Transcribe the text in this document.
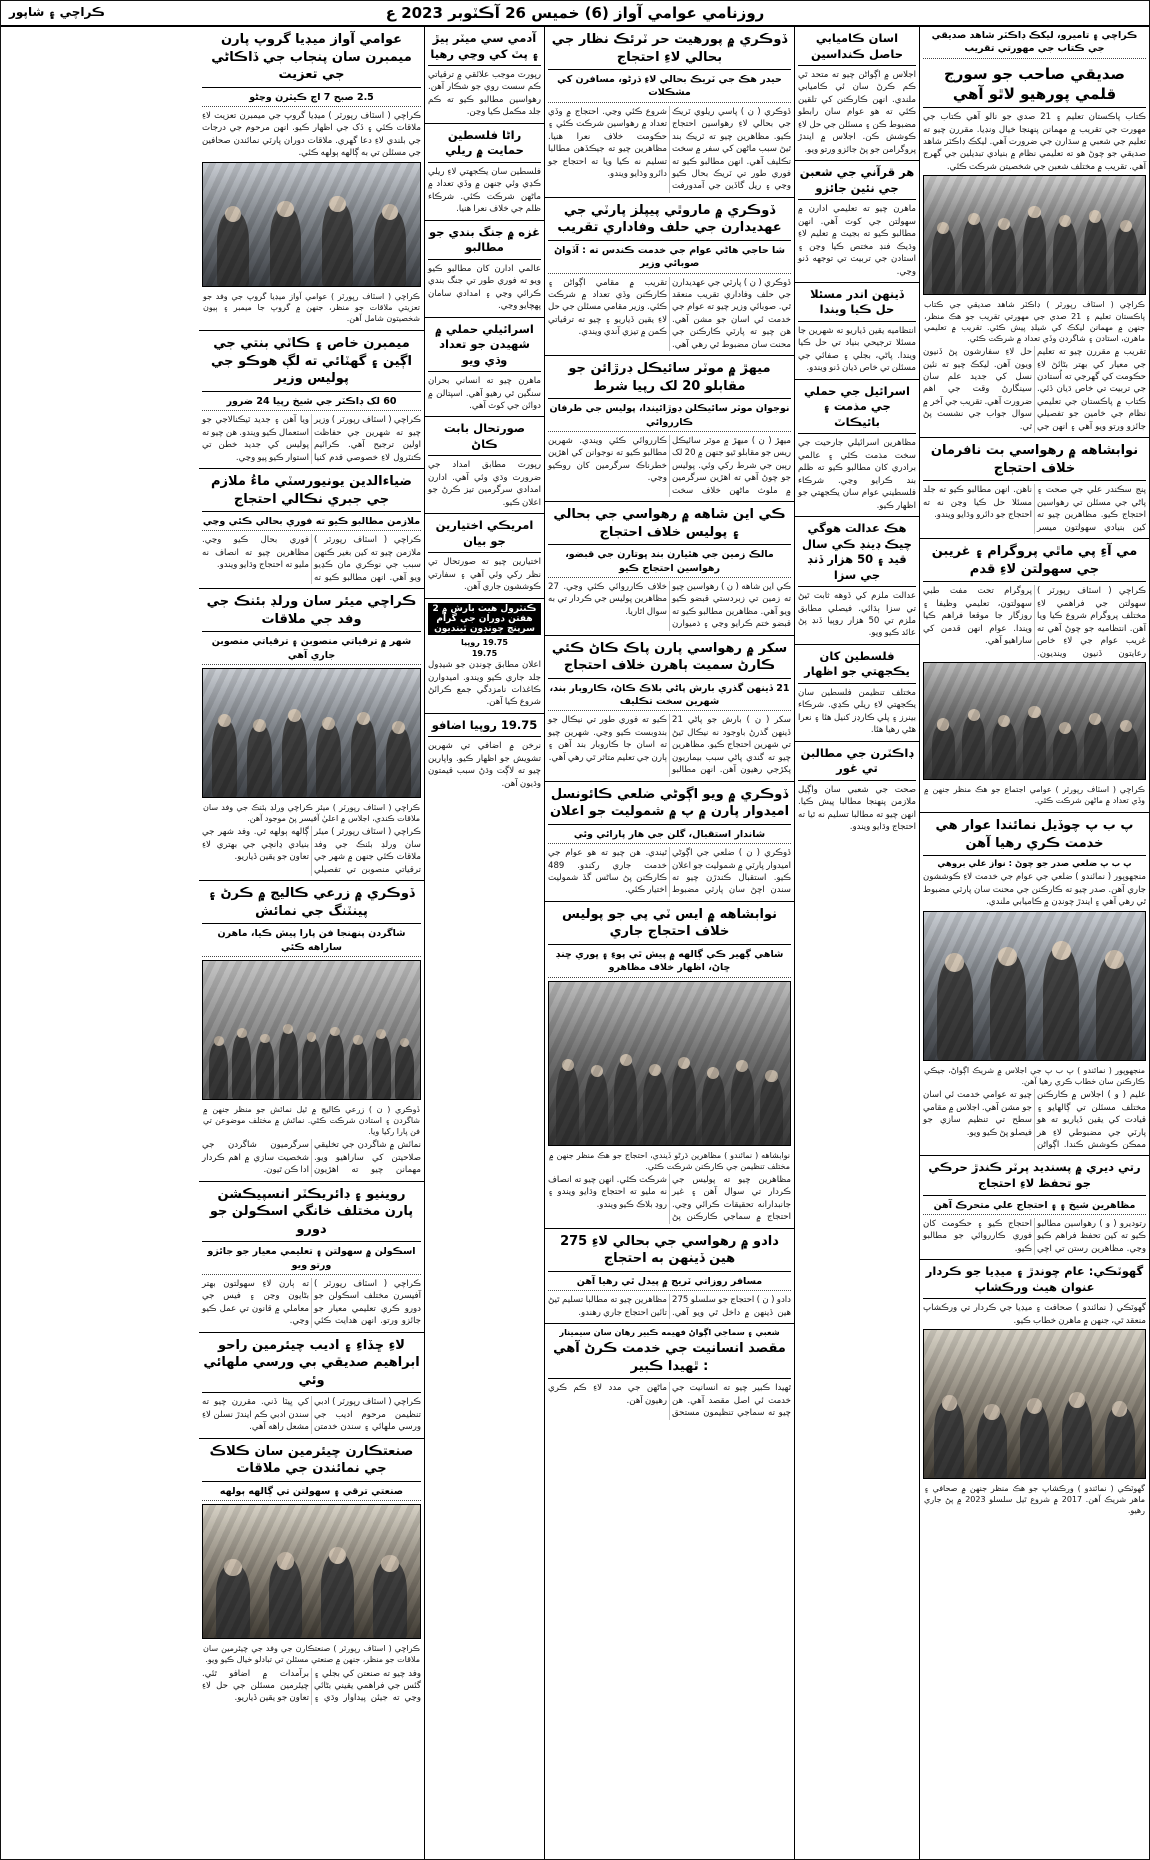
ڪراچي ۽ شاپور	روزنامي عوامي آواز (6) خميس 26 آڪٽوبر 2023 ع
ڪراچي ۽ تاميرو، ليکڪ ڊاڪٽر شاهد صديقي جي ڪتاب جي مهورتي تقريب
صديقي صاحب جو سورج قلمي پورهيو لاٿو آهي
ڪتاب پاڪستان تعليم ۽ 21 صدي جو نالو آهي ڪتاب جي مهورت جي تقريب ۾ مهمانن پنهنجا خيال ونڊيا. مقررن چيو ته تعليم جي شعبي ۾ سڌارن جي ضرورت آهي. ليکڪ ڊاڪٽر شاهد صديقي جو چوڻ هو ته تعليمي نظام ۾ بنيادي تبديلين جي گهرج آهي. تقريب ۾ مختلف شعبن جي شخصيتن شرڪت ڪئي.
ڪراچي ( اسٽاف رپورٽر ) ڊاڪٽر شاهد صديقي جي ڪتاب پاڪستان تعليم ۽ 21 صدي جي مهورتي تقريب جو هڪ منظر، جنهن ۾ مهمانن ليکڪ کي شيلڊ پيش ڪئي. تقريب ۾ تعليمي ماهرن، استادن ۽ شاگردن وڏي تعداد ۾ شرڪت ڪئي.
تقريب ۾ مقررن چيو ته تعليم جي معيار کي بهتر بڻائڻ لاءِ حڪومت کي گهرجي ته اُستادن جي تربيت تي خاص ڌيان ڏئي. ڪتاب ۾ پاڪستان جي تعليمي نظام جي خامين جو تفصيلي جائزو ورتو ويو آهي ۽ انهن جي حل لاءِ سفارشون پڻ ڏنيون ويون آهن. ليکڪ چيو ته نئين نسل کي جديد علم سان سينگارڻ وقت جي اهم ضرورت آهي. تقريب جي آخر ۾ سوال جواب جي نشست پڻ ٿي.
نوابشاهه ۾ رهواسي بت نافرمان خلاف احتجاج
پنج سڪندر علي جي صحت ۽ پاڻي جي مسئلن تي رهواسين احتجاج ڪيو. مظاهرين چيو ته کين بنيادي سهولتون ميسر ناهن. انهن مطالبو ڪيو ته جلد مسئلا حل ڪيا وڃن نه ته احتجاج جو دائرو وڌايو ويندو.
مي آءِ پي ماٿي پروگرام ۽ غريبن جي سهولتن لاءِ قدم
ڪراچي ( اسٽاف رپورٽر ) سهولتن جي فراهمي لاءِ مختلف پروگرام شروع ڪيا ويا آهن. انتظاميه جو چوڻ آهي ته غريب عوام جي لاءِ خاص رعايتون ڏنيون وينديون. پروگرام تحت مفت طبي سهولتون، تعليمي وظيفا ۽ روزگار جا موقعا فراهم ڪيا ويندا. عوام انهن قدمن کي ساراهيو آهي.
ڪراچي ( اسٽاف رپورٽر ) عوامي اجتماع جو هڪ منظر جنهن ۾ وڏي تعداد ۾ ماڻهن شرڪت ڪئي.
پ ب پ چوڏيل نمائندا عوار هي خدمت ڪري رهيا آهن
پ ب پ ضلعي صدر جو چوڻ : نواز علي بروهي
منجهوپور ( نمائندو ) ضلعي جي عوام جي خدمت لاءِ ڪوششون جاري آهن. صدر چيو ته ڪارڪنن جي محنت سان پارٽي مضبوط ٿي رهي آهي ۽ ايندڙ چونڊن ۾ ڪاميابي ملندي.
منجهوپور ( نمائندو ) پ ب پ جي اجلاس ۾ شريڪ اڳواڻ، جيڪي ڪارڪنن سان خطاب ڪري رهيا آهن.
عليم ( و ) اجلاس ۾ ڪارڪنن مختلف مسئلن تي ڳالهايو ۽ قيادت کي يقين ڏياريو ته هو پارٽي جي مضبوطي لاءِ هر ممڪن ڪوشش ڪندا. اڳواڻن چيو ته عوامي خدمت ئي اسان جو مشن آهي. اجلاس ۾ مقامي سطح تي تنظيم سازي جو فيصلو پڻ ڪيو ويو.
رتي ديري ۾ پسنديد پرٽر ڪندڙ حرڪي جو تحفظ لاءِ احتجاج
مظاهرين شيخ ۽ ۽ احتجاج علي متحرڪ آهن
رتوديرو ( و ) رهواسين مطالبو ڪيو ته کين تحفظ فراهم ڪيو وڃي. مظاهرين رستن تي اچي احتجاج ڪيو ۽ حڪومت کان فوري ڪارروائي جو مطالبو ڪيو.
گهوٽڪي: عام چوندڙ ۽ ميڊيا جو ڪردار عنوان هيٺ ورڪشاپ
گهوٽڪي ( نمائندو ) صحافت ۽ ميڊيا جي ڪردار تي ورڪشاپ منعقد ٿي، جنهن ۾ ماهرن خطاب ڪيو.
گهوٽڪي ( نمائندو ) ورڪشاپ جو هڪ منظر جنهن ۾ صحافي ۽ ماهر شريڪ آهن. 2017 ۾ شروع ٿيل سلسلو 2023 ۾ پڻ جاري رهيو.
اسان ڪاميابي حاصل ڪنداسين
اجلاس ۾ اڳواڻن چيو ته متحد ٿي ڪم ڪرڻ سان ئي ڪاميابي ملندي. انهن ڪارڪنن کي تلقين ڪئي ته هو عوام سان رابطو مضبوط ڪن ۽ مسئلن جي حل لاءِ ڪوشش ڪن. اجلاس ۾ ايندڙ پروگرامن جو پڻ جائزو ورتو ويو.
هر قرآني جي شعبن جي نئين جائزو
ماهرن چيو ته تعليمي ادارن ۾ سهولتن جي کوٽ آهي. انهن مطالبو ڪيو ته بجيٽ ۾ تعليم لاءِ وڌيڪ فنڊ مختص ڪيا وڃن ۽ استادن جي تربيت تي توجهه ڏنو وڃي.
ڏينهن اندر مسئلا حل ڪيا ويندا
انتظاميه يقين ڏياريو ته شهرين جا مسئلا ترجيحي بنياد تي حل ڪيا ويندا. پاڻي، بجلي ۽ صفائي جي مسئلن تي خاص ڌيان ڏنو ويندو.
اسرائيل جي حملي جي مذمت ۽ بائيڪاٽ
مظاهرين اسرائيلي جارحيت جي سخت مذمت ڪئي ۽ عالمي برادري کان مطالبو ڪيو ته ظلم بند ڪرايو وڃي. شرڪاء فلسطيني عوام سان يڪجهتي جو اظهار ڪيو.
هڪ عدالت هوگي چيڪ ڊينڊ ڪي سال قيد ۽ 50 هزار ڏنڊ جي سزا
عدالت ملزم کي ڏوهه ثابت ٿيڻ تي سزا ٻڌائي. فيصلي مطابق ملزم تي 50 هزار روپيا ڏنڊ پڻ عائد ڪيو ويو.
فلسطين کان يڪجهتي جو اظهار
مختلف تنظيمن فلسطين سان يڪجهتي لاءِ ريلي ڪڍي. شرڪاء بينرز ۽ پلي ڪارڊز کنيل هئا ۽ نعرا هڻي رهيا هئا.
ڊاڪٽرن جي مطالبن تي غور
صحت جي شعبي سان واڳيل ملازمن پنهنجا مطالبا پيش ڪيا. انهن چيو ته مطالبا تسليم نه ٿيا ته احتجاج وڌايو ويندو.
ڏوڪري ۾ پورهيت حر ٽرئڪ نظار جي بحالي لاءِ احتجاج
حيدر هڪ جي ٽريڪ بحالي لاءِ ڌرڻو، مسافرن کي مشڪلات
ڏوڪري ( ن ) پاسي ريلوي ٽريڪ جي بحالي لاءِ رهواسين احتجاج ڪيو. مظاهرين چيو ته ٽريڪ بند ٿيڻ سبب ماڻهن کي سفر ۾ سخت تڪليف آهي. انهن مطالبو ڪيو ته فوري طور تي ٽريڪ بحال ڪيو وڃي ۽ ريل گاڏين جي آمدورفت شروع ڪئي وڃي. احتجاج ۾ وڏي تعداد ۾ رهواسين شرڪت ڪئي ۽ حڪومت خلاف نعرا هنيا. مظاهرين چيو ته جيڪڏهن مطالبا تسليم نه ڪيا ويا ته احتجاج جو دائرو وڌايو ويندو.
ڏوڪري ۾ ماروٿي پيپلز پارٽي جي عهديدارن جي حلف وفاداري تقريب
شا حاجي هاڻي عوام جي خدمت ڪندس ته : آڏواڻ صوبائي وزير
ڏوڪري ( ن ) پارٽي جي عهديدارن جي حلف وفاداري تقريب منعقد ٿي. صوبائي وزير چيو ته عوام جي خدمت ئي اسان جو مشن آهي. هن چيو ته پارٽي ڪارڪنن جي محنت سان مضبوط ٿي رهي آهي. تقريب ۾ مقامي اڳواڻن ۽ ڪارڪنن وڏي تعداد ۾ شرڪت ڪئي. وزير مقامي مسئلن جي حل لاءِ يقين ڏياريو ۽ چيو ته ترقياتي ڪمن ۾ تيزي آندي ويندي.
ميهڙ ۾ موٽر سائيڪل ڊرڙائن جو مقابلو 20 لک رپيا شرط
نوجوان موٽر سائيڪلن ڊوڙائيندا، پوليس جي طرفان ڪارروائي
ميهڙ ( ن ) ميهڙ ۾ موٽر سائيڪل ريس جو مقابلو ٿيو جنهن ۾ 20 لک رپين جي شرط رکي وئي. پوليس جو چوڻ آهي ته اهڙين سرگرمين ۾ ملوث ماڻهن خلاف سخت ڪارروائي ڪئي ويندي. شهرين مطالبو ڪيو ته نوجوانن کي اهڙين خطرناڪ سرگرمين کان روڪيو وڃي.
ڪي اين شاهه ۾ رهواسي جي بحالي ۽ پوليس خلاف احتجاج
مالڪ زمين جي هٿيارن بند ڀوتارن جي قبضو، رهواسين احتجاج ڪيو
ڪي اين شاهه ( ن ) رهواسين چيو ته زمين تي زبردستي قبضو ڪيو ويو آهي. مظاهرين مطالبو ڪيو ته قبضو ختم ڪرايو وڃي ۽ ذميوارن خلاف ڪارروائي ڪئي وڃي. 27 مظاهرين پوليس جي ڪردار تي به سوال اٿاريا.
سکر ۾ رهواسي پارن پاڪ ڪاڻ ڪئي ڪارڻ سميت ٻاهرن خلاف احتجاج
21 ڏينهن گذري بارش پاڻي بلاڪ ڪاڻ، ڪاروبار بند، شهرين سخت تڪليف
سکر ( ن ) بارش جو پاڻي 21 ڏينهن گذرڻ باوجود نه نيڪال ٿيڻ تي شهرين احتجاج ڪيو. مظاهرين چيو ته گندي پاڻي سبب بيماريون پکڙجي رهيون آهن. انهن مطالبو ڪيو ته فوري طور تي نيڪال جو بندوبست ڪيو وڃي. شهرين چيو ته اسان جا ڪاروبار بند آهن ۽ ٻارن جي تعليم متاثر ٿي رهي آهي.
ڏوڪري ۾ ويو اڳوڻي ضلعي ڪائونسل اميدوار پارن ۾ پ ۾ شموليت جو اعلان
شاندار استقبال، گلن جي هار پارائي وئي
ڏوڪري ( ن ) ضلعي جي اڳوڻي اميدوار پارٽي ۾ شموليت جو اعلان ڪيو. استقبال ڪندڙن چيو ته سندن اچڻ سان پارٽي مضبوط ٿيندي. هن چيو ته هو عوام جي خدمت جاري رکندو. 489 ڪارڪنن پڻ ساڻس گڏ شموليت اختيار ڪئي.
نوابشاهه ۾ ايس ٽي پي جو پوليس خلاف احتجاج جاري
شاهي ڳهير ڪي ڳالهه ۾ پيش ٿي پوءِ ۽ ڀوري ڇنڊ ڇاڻ، اظهار خلاف مظاهرو
نوابشاهه ( نمائندو ) مظاهرين ڌرڻو ڏيندي، احتجاج جو هڪ منظر جنهن ۾ مختلف تنظيمن جي ڪارڪنن شرڪت ڪئي.
مظاهرين چيو ته پوليس جي ڪردار تي سوال آهن ۽ غير جانبدارانه تحقيقات ڪرائي وڃي. احتجاج ۾ سماجي ڪارڪنن پڻ شرڪت ڪئي. انهن چيو ته انصاف نه مليو ته احتجاج وڌايو ويندو ۽ روڊ بلاڪ ڪيو ويندو.
دادو ۾ رهواسي جي بحالي لاءِ 275 هين ڏينهن به احتجاج
مسافر روزاني ٽريج ۾ پيدل ٿي رهيا آهن
دادو ( ن ) احتجاج جو سلسلو 275 هين ڏينهن ۾ داخل ٿي ويو آهي. مظاهرين چيو ته مطالبا تسليم ٿيڻ تائين احتجاج جاري رهندو.
شعبي ۽ سماجي اڳواڻ فهيمه ڪبير رهان سان سيمينار
مقصد انسانيت جي خدمت ڪرڻ آهي : ٿهيدا ڪبير
ٿهيدا ڪبير چيو ته انسانيت جي خدمت ئي اصل مقصد آهي. هن چيو ته سماجي تنظيمون مستحق ماڻهن جي مدد لاءِ ڪم ڪري رهيون آهن.
آدمي سي ميٽر ٻيڙ ۽ پٽ کي وڃي رهيا
رپورٽ موجب علائقي ۾ ترقياتي ڪم سست روي جو شڪار آهن. رهواسين مطالبو ڪيو ته ڪم جلد مڪمل ڪيا وڃن.
راڻا فلسطين حمايت ۾ ريلي
فلسطين سان يڪجهتي لاءِ ريلي ڪڍي وئي جنهن ۾ وڏي تعداد ۾ ماڻهن شرڪت ڪئي. شرڪاء ظلم جي خلاف نعرا هنيا.
غزه ۾ جنگ بندي جو مطالبو
عالمي ادارن کان مطالبو ڪيو ويو ته فوري طور تي جنگ بندي ڪرائي وڃي ۽ امدادي سامان پهچايو وڃي.
اسرائيلي حملي ۾ شهيدن جو تعداد وڌي ويو
ماهرن چيو ته انساني بحران سنگين ٿي رهيو آهي. اسپتالن ۾ دوائن جي کوٽ آهي.
صورتحال بابت ڪاڻ
رپورٽ مطابق امداد جي ضرورت وڌي وئي آهي. ادارن امدادي سرگرمين تيز ڪرڻ جو اعلان ڪيو.
امريڪي اختيارين جو بيان
اختيارين چيو ته صورتحال تي نظر رکي وئي آهي ۽ سفارتي ڪوششون جاري آهن.
ڪنٽرول هيٺ بارش ۾ 2 هفتن دوران جي گرام سرپنچ چونڊون ٿينديون
19.75 روپيا
19.75
اعلان مطابق چونڊن جو شيڊول جلد جاري ڪيو ويندو. اميدوارن ڪاغذات نامزدگي جمع ڪرائڻ شروع ڪيا آهن.
19.75 روپيا اضافو
نرخن ۾ اضافي تي شهرين تشويش جو اظهار ڪيو. واپارين چيو ته لاڳت وڌڻ سبب قيمتون وڌيون آهن.
عوامي آواز ميڊيا گروپ پارن ميمبرن سان پنجاب جي ڏاڪاڻي جي تعزيت
2.5 صبح 7 اچ ڪيٽرن وڃڻو
ڪراچي ( اسٽاف رپورٽر ) ميڊيا گروپ جي ميمبرن تعزيت لاءِ ملاقات ڪئي ۽ ڏک جي اظهار ڪيو. انهن مرحوم جي درجات جي بلندي لاءِ دعا گهري. ملاقات دوران پارٽي نمائندن صحافين جي مسئلن تي به ڳالهه ٻولهه ڪئي.
ڪراچي ( اسٽاف رپورٽر ) عوامي آواز ميڊيا گروپ جي وفد جو تعزيتي ملاقات جو منظر، جنهن ۾ گروپ جا ميمبر ۽ ٻيون شخصيتون شامل آهن.
ميمبرن خاص ۽ ڪاٽي بنتي جي اڳين ۽ گهٽائي ته لڳ هوڪو جي پوليس وزير
60 لک ڊاڪٽر جي شيخ رپيا 24 ضرور
ڪراچي ( اسٽاف رپورٽر ) وزير چيو ته شهرين جي حفاظت اولين ترجيح آهي. ڪرائيم ڪنٽرول لاءِ خصوصي قدم کنيا ويا آهن ۽ جديد ٽيڪنالاجي جو استعمال ڪيو ويندو. هن چيو ته پوليس کي جديد خطن تي استوار ڪيو پيو وڃي.
ضياءالدين يونيورسٽي ماءُ ملازم جي جبري نڪالي احتجاج
ملازمن مطالبو ڪيو ته فوري بحالي ڪئي وڃي
ڪراچي ( اسٽاف رپورٽر ) ملازمن چيو ته کين بغير ڪنهن سبب جي نوڪري مان ڪڍيو ويو آهي. انهن مطالبو ڪيو ته فوري بحال ڪيو وڃي. مظاهرين چيو ته انصاف نه مليو ته احتجاج وڌايو ويندو.
ڪراچي ميئر سان ورلڊ بئنڪ جي وفد جي ملاقات
شهر ۾ ترقياتي منصوبن ۽ ترقياتي منصوبن جاري آهي
ڪراچي ( اسٽاف رپورٽر ) ميئر ڪراچي ورلڊ بئنڪ جي وفد سان ملاقات ڪندي، اجلاس ۾ اعليٰ آفيسر پڻ موجود آهن.
ڪراچي ( اسٽاف رپورٽر ) ميئر سان ورلڊ بئنڪ جي وفد ملاقات ڪئي جنهن ۾ شهر جي ترقياتي منصوبن تي تفصيلي ڳالهه ٻولهه ٿي. وفد شهر جي بنيادي ڍانچي جي بهتري لاءِ تعاون جو يقين ڏياريو.
ڏوڪري ۾ زرعي ڪاليج ۾ ڪرڻ ۽ پينٽنگ جي نمائش
شاگردن پنهنجا فن پارا پيش ڪيا، ماهرن ساراهه ڪئي
ڏوڪري ( ن ) زرعي ڪاليج ۾ ٿيل نمائش جو منظر جنهن ۾ شاگردن ۽ استادن شرڪت ڪئي. نمائش ۾ مختلف موضوعن تي فن پارا رکيا ويا.
نمائش ۾ شاگردن جي تخليقي صلاحيتن کي ساراهيو ويو. مهمانن چيو ته اهڙيون سرگرميون شاگردن جي شخصيت سازي ۾ اهم ڪردار ادا ڪن ٿيون.
روينيو ۽ ڊائريڪٽر انسپيڪشن پارن مختلف خانگي اسڪولن جو دورو
اسڪولن ۾ سهولتن ۽ تعليمي معيار جو جائزو ورتو ويو
ڪراچي ( اسٽاف رپورٽر ) آفيسرن مختلف اسڪولن جو دورو ڪري تعليمي معيار جو جائزو ورتو. انهن هدايت ڪئي ته ٻارن لاءِ سهولتون بهتر بڻايون وڃن ۽ فيس جي معاملي ۾ قانون تي عمل ڪيو وڃي.
لاءِ ڇڏاءِ ۽ اديب چيئرمين راحو ابراهيم صديقي بي ورسي ملهائي وئي
ڪراچي ( اسٽاف رپورٽر ) ادبي تنظيمن مرحوم اديب جي ورسي ملهائي ۽ سندن خدمتن کي ڀيٽا ڏني. مقررن چيو ته سندن ادبي ڪم ايندڙ نسلن لاءِ مشعل راهه آهي.
صنعتڪارن چيئرمين سان ڪلاڪ جي نمائندن جي ملاقات
صنعتي ترقي ۽ سهولتن تي ڳالهه ٻولهه
ڪراچي ( اسٽاف رپورٽر ) صنعتڪارن جي وفد جي چيئرمين سان ملاقات جو منظر، جنهن ۾ صنعتي مسئلن تي تبادلو خيال ڪيو ويو.
وفد چيو ته صنعتن کي بجلي ۽ گئس جي فراهمي يقيني بڻائي وڃي ته جيئن پيداوار وڌي ۽ برآمدات ۾ اضافو ٿئي. چيئرمين مسئلن جي حل لاءِ تعاون جو يقين ڏياريو.
